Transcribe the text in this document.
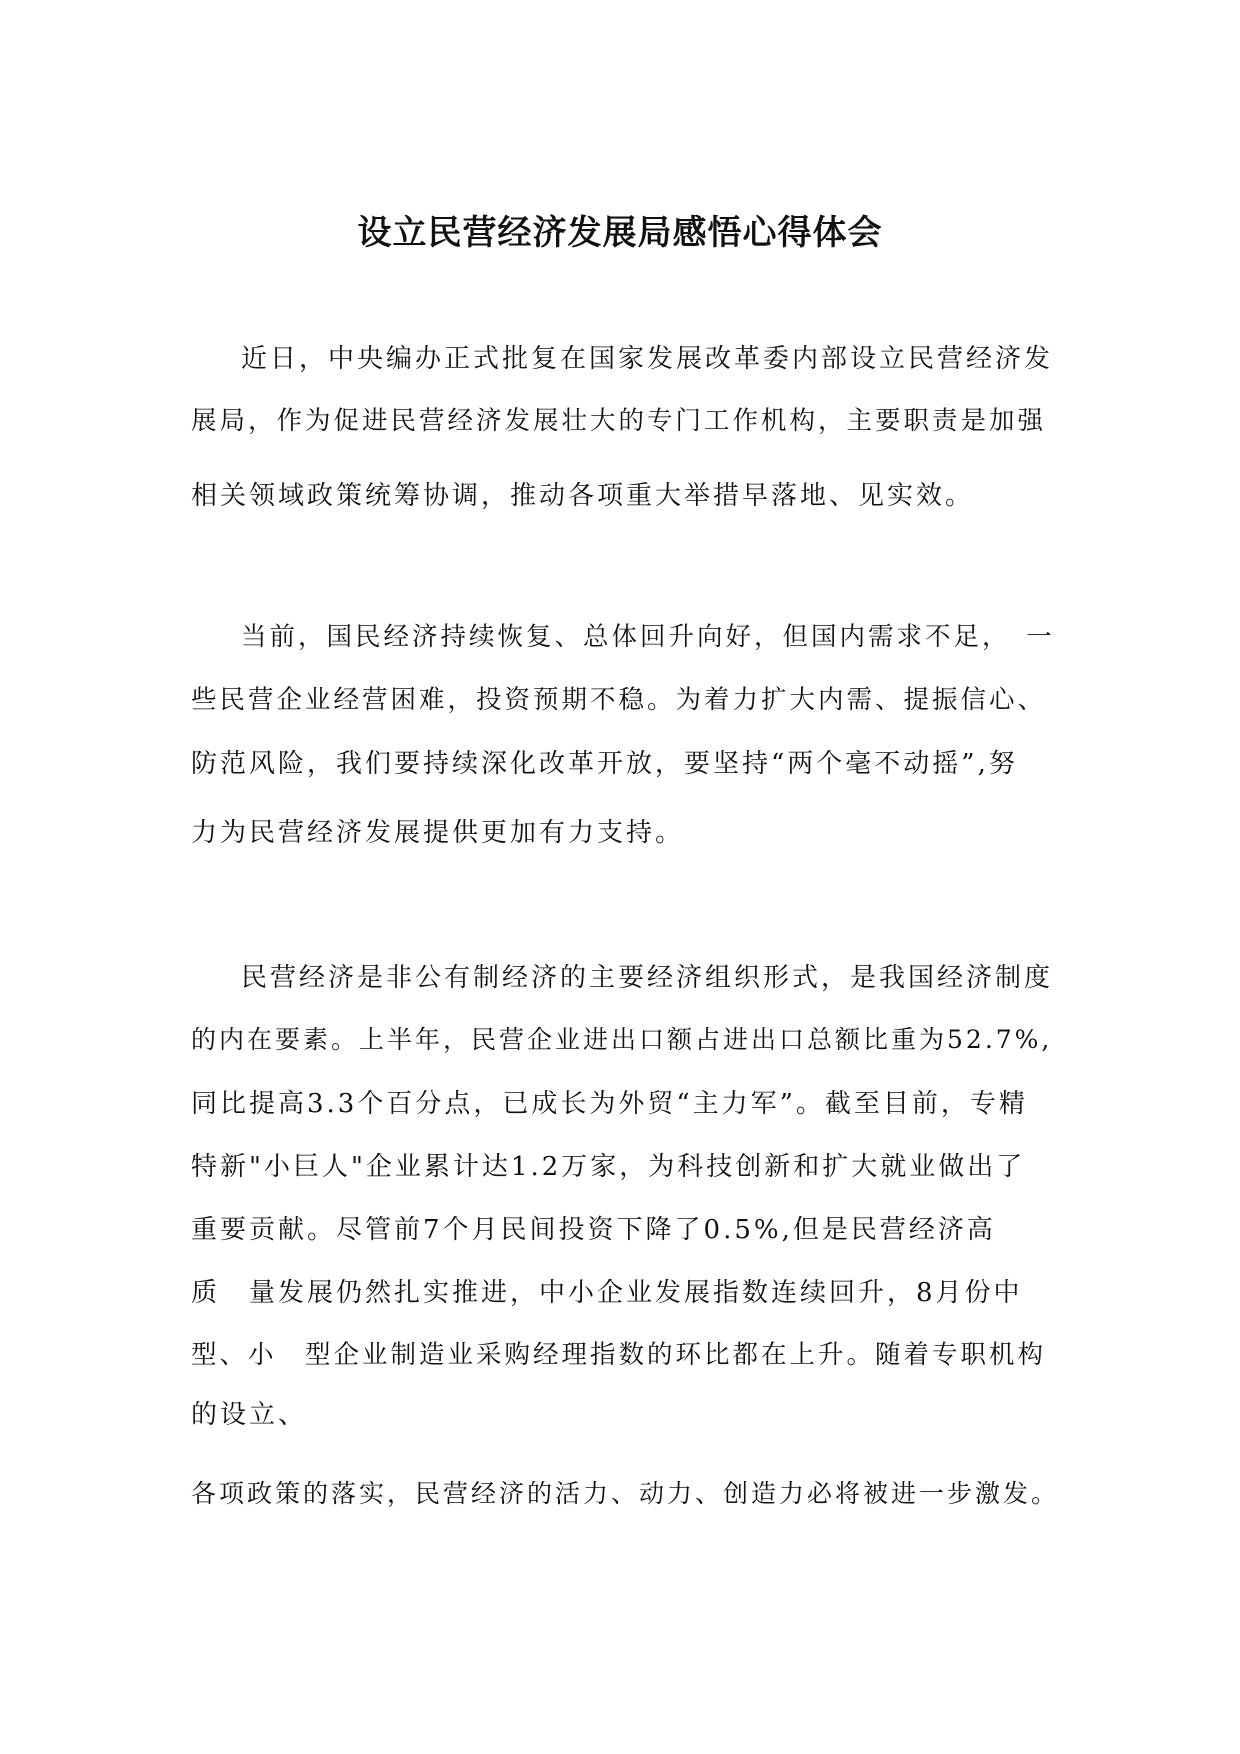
设立民营经济发展局感悟心得体会
近日，中央编办正式批复在国家发展改革委内部设立民营经济发
展局，作为促进民营经济发展壮大的专门工作机构，主要职责是加强
相关领域政策统筹协调，推动各项重大举措早落地、见实效。
当前，国民经济持续恢复、总体回升向好，但国内需求不足，　一
些民营企业经营困难，投资预期不稳。为着力扩大内需、提振信心、
防范风险，我们要持续深化改革开放，要坚持“两个毫不动摇”,努
力为民营经济发展提供更加有力支持。
民营经济是非公有制经济的主要经济组织形式，是我国经济制度
的内在要素。上半年，民营企业进出口额占进出口总额比重为52.7%,
同比提高3.3个百分点，已成长为外贸“主力军”。截至目前，专精
特新"小巨人"企业累计达1.2万家，为科技创新和扩大就业做出了
重要贡献。尽管前7个月民间投资下降了0.5%,但是民营经济高
质　量发展仍然扎实推进，中小企业发展指数连续回升，8月份中
型、小　型企业制造业采购经理指数的环比都在上升。随着专职机构
的设立、
各项政策的落实，民营经济的活力、动力、创造力必将被进一步激发。
